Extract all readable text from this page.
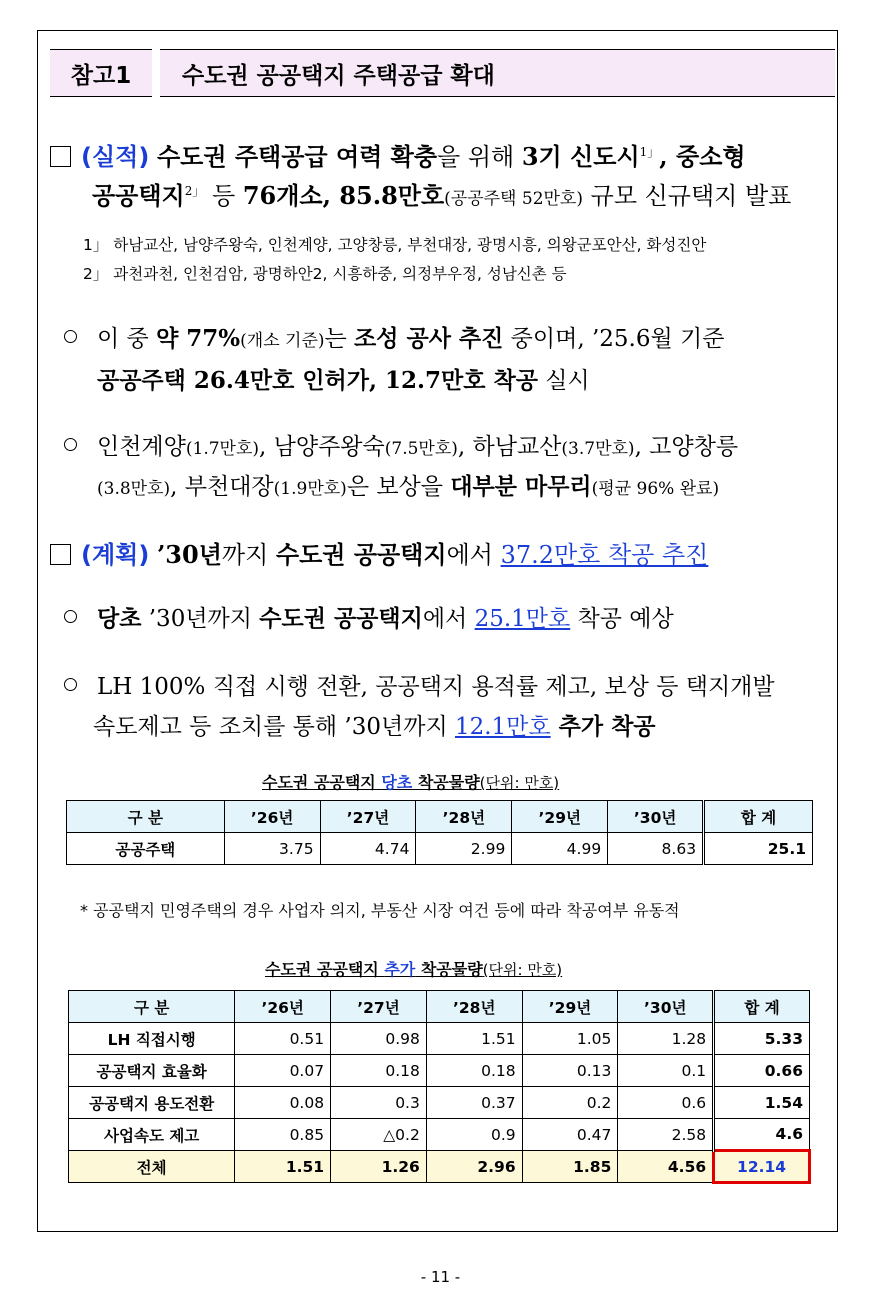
참고1 수도권 공공택지 주택공급 확대
(실적) 수도권 주택공급 여력 확충을 위해 3기 신도시$^{1」}$, 중소형
공공택지$^{2」}$ 등 76개소, 85.8만호(공공주택 52만호) 규모 신규택지 발표
1」 하남교산, 남양주왕숙, 인천계양, 고양창릉, 부천대장, 광명시흥, 의왕군포안산, 화성진안
2」 과천과천, 인천검암, 광명하안2, 시흥하중, 의정부우정, 성남신촌 등
이 중 약 77%(개소 기준)는 조성 공사 추진 중이며, ’25.6월 기준
공공주택 26.4만호 인허가, 12.7만호 착공 실시
인천계양(1.7만호), 남양주왕숙(7.5만호), 하남교산(3.7만호), 고양창릉
(3.8만호), 부천대장(1.9만호)은 보상을 대부분 마무리(평균 96% 완료)
(계획) ’30년까지 수도권 공공택지에서 37.2만호 착공 추진
당초 ’30년까지 수도권 공공택지에서 25.1만호 착공 예상
LH 100% 직접 시행 전환, 공공택지 용적률 제고, 보상 등 택지개발
속도제고 등 조치를 통해 ’30년까지 12.1만호 추가 착공
수도권 공공택지 당초 착공물량(단위: 만호)
구 분	’26년	’27년	’28년	’29년	’30년	합 계
공공주택	3.75	4.74	2.99	4.99	8.63	25.1
* 공공택지 민영주택의 경우 사업자 의지, 부동산 시장 여건 등에 따라 착공여부 유동적
수도권 공공택지 추가 착공물량(단위: 만호)
구 분	’26년	’27년	’28년	’29년	’30년	합 계
LH 직접시행	0.51	0.98	1.51	1.05	1.28	5.33
공공택지 효율화	0.07	0.18	0.18	0.13	0.1	0.66
공공택지 용도전환	0.08	0.3	0.37	0.2	0.6	1.54
사업속도 제고	0.85	△0.2	0.9	0.47	2.58	4.6
전체	1.51	1.26	2.96	1.85	4.56	12.14
- 11 -
